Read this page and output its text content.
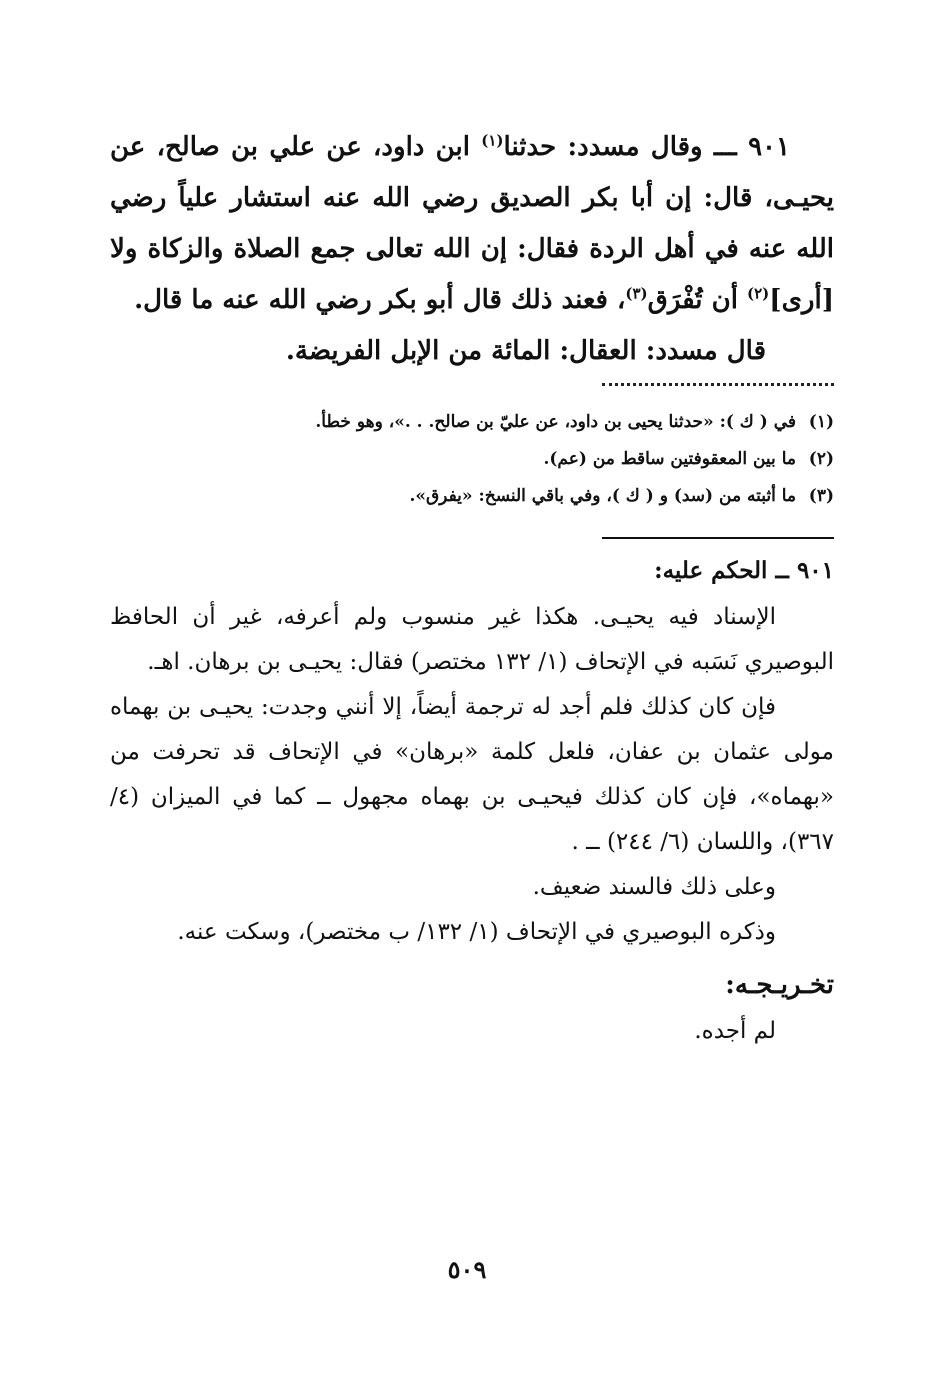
٩٠١ ـــ وقال مسدد: حدثنا$^{(١)}$ ابن داود، عن علي بن صالح، عن يحيـى، قال: إن أبا بكر الصديق رضي الله عنه استشار علياً رضي الله عنه في أهل الردة فقال: إن الله تعالى جمع الصلاة والزكاة ولا [أرى]$^{(٢)}$ أن تُفْرَق$^{(٣)}$، فعند ذلك قال أبو بكر رضي الله عنه ما قال.

قال مسدد: العقال: المائة من الإبل الفريضة.

(١)في ( ك ): «حدثنا يحيى بن داود، عن عليّ بن صالح. . .»، وهو خطأ.

(٢)ما بين المعقوفتين ساقط من (عم).

(٣)ما أثبته من (سد) و ( ك )، وفي باقي النسخ: «يفرق».

٩٠١ ــ الحكم عليه:

الإسناد فيه يحيـى. هكذا غير منسوب ولم أعرفه، غير أن الحافظ البوصيري نَسَبه في الإتحاف (١/ ١٣٢ مختصر) فقال: يحيـى بن برهان. اهـ.

فإن كان كذلك فلم أجد له ترجمة أيضاً، إلا أنني وجدت: يحيـى بن بهماه مولى عثمان بن عفان، فلعل كلمة «برهان» في الإتحاف قد تحرفت من «بهماه»، فإن كان كذلك فيحيـى بن بهماه مجهول ــ كما في الميزان (٤/ ٣٦٧)، واللسان (٦/ ٢٤٤) ــ .

وعلى ذلك فالسند ضعيف.

وذكره البوصيري في الإتحاف (١/ ١٣٢/ ب مختصر)، وسكت عنه.

تخـريـجـه:

لم أجده.

٥٠٩
